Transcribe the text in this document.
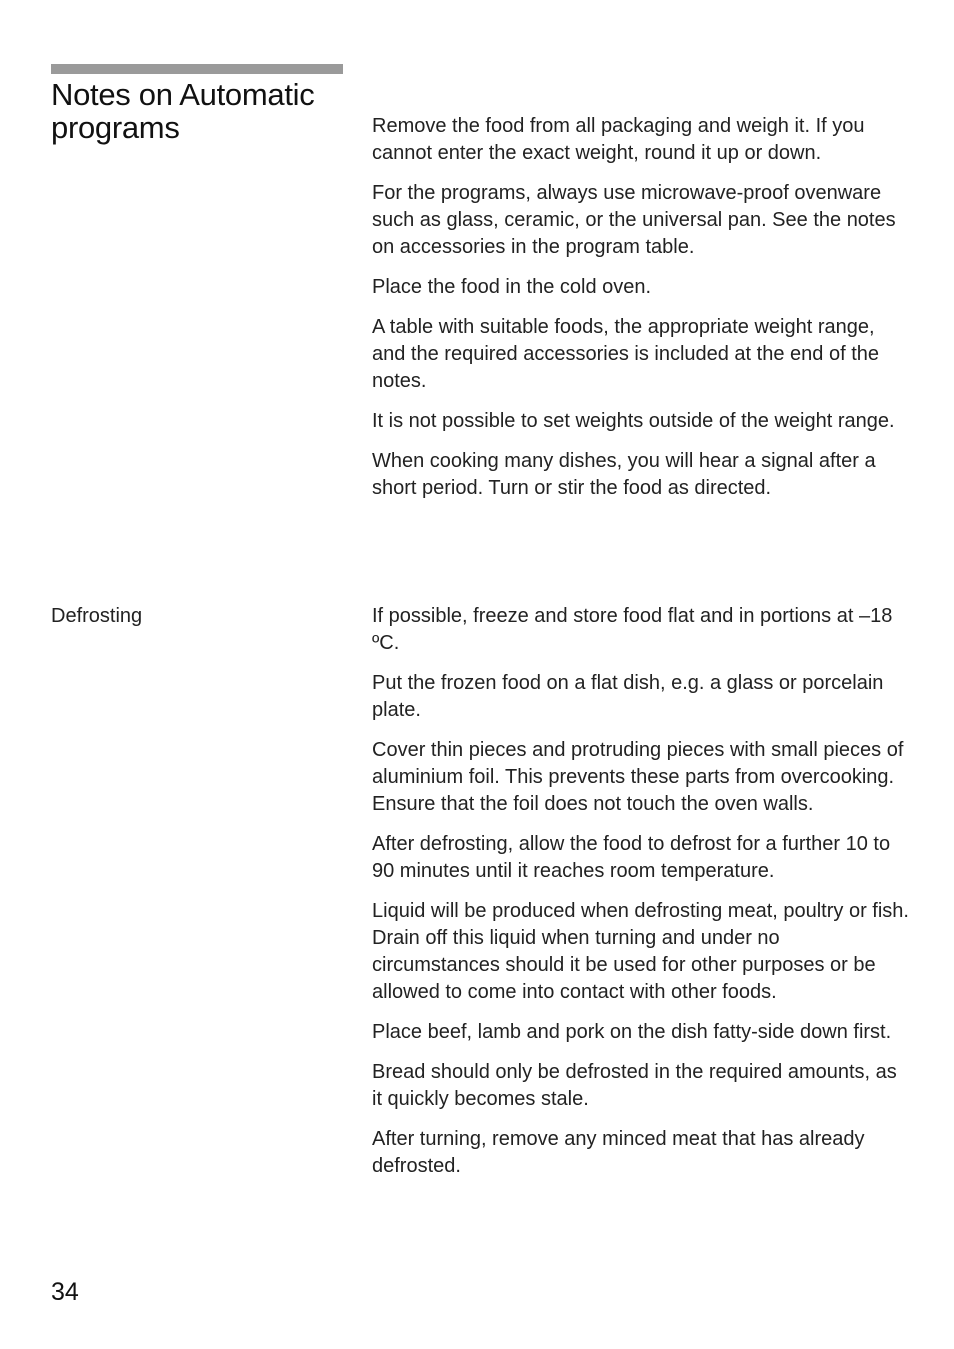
Notes on Automatic
programs	Remove the food from all packaging and weigh it. If you cannot enter the exact weight, round it up or down.

For the programs, always use microwave-proof ovenware such as glass, ceramic, or the universal pan. See the notes on accessories in the program table.

Place the food in the cold oven.

A table with suitable foods, the appropriate weight range, and the required accessories is included at the end of the notes.

It is not possible to set weights outside of the weight range.

When cooking many dishes, you will hear a signal after a short period. Turn or stir the food as directed.

Defrosting	If possible, freeze and store food flat and in portions at –18 ºC.

Put the frozen food on a flat dish, e.g. a glass or porcelain plate.

Cover thin pieces and protruding pieces with small pieces of aluminium foil. This prevents these parts from overcooking. Ensure that the foil does not touch the oven walls.

After defrosting, allow the food to defrost for a further 10 to 90 minutes until it reaches room temperature.

Liquid will be produced when defrosting meat, poultry or fish. Drain off this liquid when turning and under no circumstances should it be used for other purposes or be allowed to come into contact with other foods.

Place beef, lamb and pork on the dish fatty-side down first.

Bread should only be defrosted in the required amounts, as it quickly becomes stale.

After turning, remove any minced meat that has already defrosted.

34
